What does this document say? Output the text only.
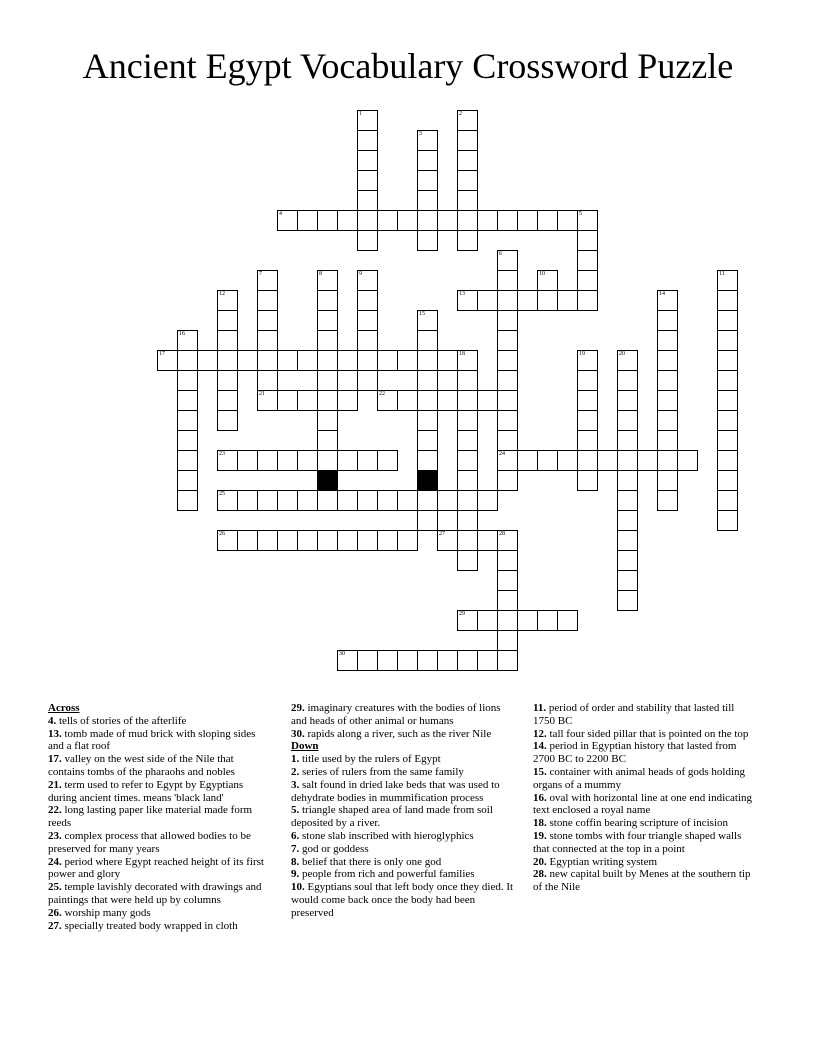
Ancient Egypt Vocabulary Crossword Puzzle
1	2
3
4	5
6
24
7	8	9	10	11
12	13	14
15
16
17	18	19	20
21	22
23
25
26	27	28
29
30
Across
4. tells of stories of the afterlife
13. tomb made of mud brick with sloping sides and a flat roof
17. valley on the west side of the Nile that contains tombs of the pharaohs and nobles
21. term used to refer to Egypt by Egyptians during ancient times. means 'black land'
22. long lasting paper like material made form reeds
23. complex process that allowed bodies to be preserved for many years
24. period where Egypt reached height of its first power and glory
25. temple lavishly decorated with drawings and paintings that were held up by columns
26. worship many gods
27. specially treated body wrapped in cloth
29. imaginary creatures with the bodies of lions and heads of other animal or humans
30. rapids along a river, such as the river Nile
Down
1. title used by the rulers of Egypt
2. series of rulers from the same family
3. salt found in dried lake beds that was used to dehydrate bodies in mummification process
5. triangle shaped area of land made from soil deposited by a river.
6. stone slab inscribed with hieroglyphics
7. god or goddess
8. belief that there is only one god
9. people from rich and powerful families
10. Egyptians soul that left body once they died. It would come back once the body had been preserved
11. period of order and stability that lasted till 1750 BC
12. tall four sided pillar that is pointed on the top
14. period in Egyptian history that lasted from 2700 BC to 2200 BC
15. container with animal heads of gods holding organs of a mummy
16. oval with horizontal line at one end indicating text enclosed a royal name
18. stone coffin bearing scripture of incision
19. stone tombs with four triangle shaped walls that connected at the top in a point
20. Egyptian writing system
28. new capital built by Menes at the southern tip of the Nile
